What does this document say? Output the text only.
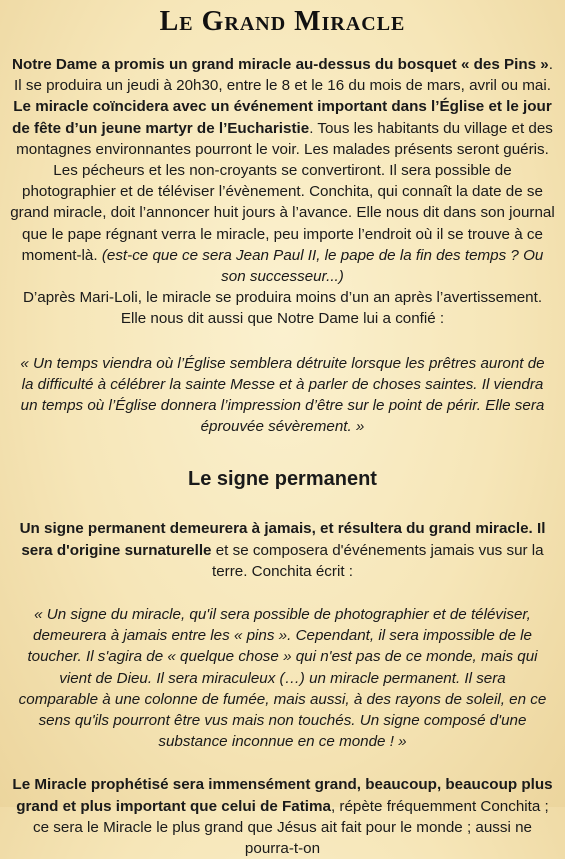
Le Grand Miracle

Notre Dame a promis un grand miracle au-dessus du bosquet « des Pins ». Il se produira un jeudi à 20h30, entre le 8 et le 16 du mois de mars, avril ou mai. Le miracle coïncidera avec un événement important dans l’Église et le jour de fête d’un jeune martyr de l’Eucharistie. Tous les habitants du village et des montagnes environnantes pourront le voir. Les malades présents seront guéris. Les pécheurs et les non-croyants se convertiront. Il sera possible de photographier et de téléviser l’évènement. Conchita, qui connaît la date de se grand miracle, doit l’annoncer huit jours à l’avance. Elle nous dit dans son journal que le pape régnant verra le miracle, peu importe l’endroit où il se trouve à ce moment-là. (est-ce que ce sera Jean Paul II, le pape de la fin des temps ? Ou son successeur...)

D’après Mari-Loli, le miracle se produira moins d’un an après l’avertissement. Elle nous dit aussi que Notre Dame lui a confié :

« Un temps viendra où l’Église semblera détruite lorsque les prêtres auront de la difficulté à célébrer la sainte Messe et à parler de choses saintes. Il viendra un temps où l’Église donnera l’impression d’être sur le point de périr. Elle sera éprouvée sévèrement. »

Le signe permanent

Un signe permanent demeurera à jamais, et résultera du grand miracle. Il sera d'origine surnaturelle et se composera d'événements jamais vus sur la terre. Conchita écrit :

« Un signe du miracle, qu'il sera possible de photographier et de téléviser, demeurera à jamais entre les « pins ». Cependant, il sera impossible de le toucher. Il s'agira de « quelque chose » qui n'est pas de ce monde, mais qui vient de Dieu. Il sera miraculeux (…) un miracle permanent. Il sera comparable à une colonne de fumée, mais aussi, à des rayons de soleil, en ce sens qu'ils pourront être vus mais non touchés. Un signe composé d'une substance inconnue en ce monde ! »

Le Miracle prophétisé sera immensément grand, beaucoup, beaucoup plus grand et plus important que celui de Fatima, répète fréquemment Conchita ; ce sera le Miracle le plus grand que Jésus ait fait pour le monde ; aussi ne pourra-t-on
